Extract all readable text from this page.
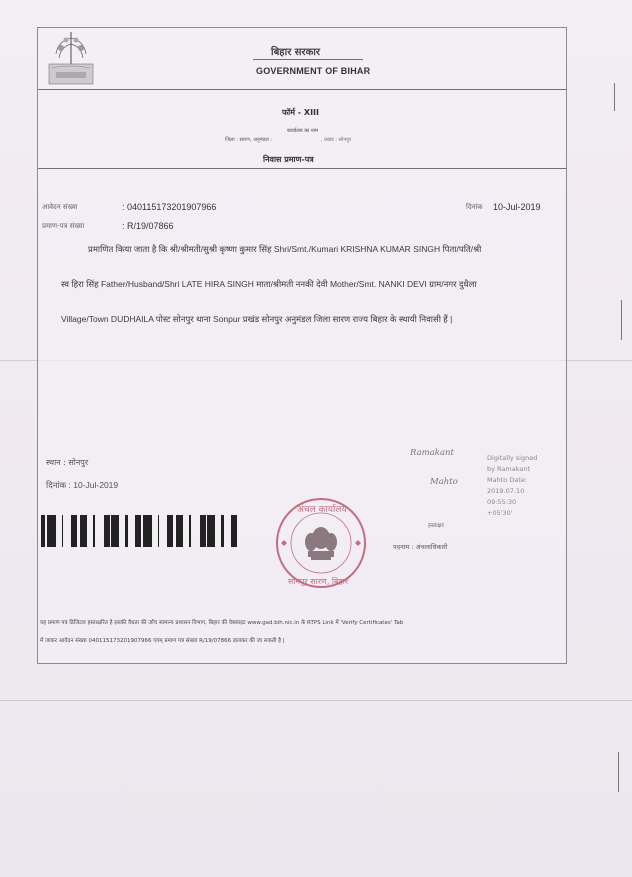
बिहार सरकार
GOVERNMENT OF BIHAR
फॉर्म - XIII
कार्यालय का नाम
जिला : सारण, अनुमंडल :	, प्रखंड : सोनपुर
निवास प्रमाण-पत्र
आवेदन संख्या	: 040115173201907966
प्रमाण-पत्र संख्या	: R/19/07866
दिनांक 10-Jul-2019
प्रमाणित किया जाता है कि श्री/श्रीमती/सुश्री कृष्णा कुमार सिंह Shri/Smt./Kumari KRISHNA KUMAR SINGH पिता/पति/श्री
स्व हिरा सिंह Father/Husband/Shri LATE HIRA SINGH माता/श्रीमती ननकी देवी Mother/Smt. NANKI DEVI ग्राम/नगर दुधैला
Village/Town DUDHAILA पोस्ट सोनपुर थाना Sonpur प्रखंड सोनपुर अनुमंडल जिला सारण राज्य बिहार के स्थायी निवासी हैं |
स्थान : सोनपुर
दिनांक : 10-Jul-2019
अंचल कार्यालय
सोनपुर सारण, बिहार
Ramakant
Mahto
Digitally signed
by Ramakant
Mahto Date:
2019.07.10
09:55:30
+05'30'
हस्ताक्षर
पदनाम : अंचलाधिकारी
यह प्रमाण पत्र डिजिटल हस्ताक्षरित है इसकी वैधता की जाँच सामान्य प्रशासन विभाग, बिहार की वेबसाइट www.gad.bih.nic.in के RTPS Link में 'Verify Certificates' Tab
में जाकर आवेदन संख्या 040115173201907966 एवम् प्रमाण पत्र संख्या R/19/07866 डालकर की जा सकती है |
